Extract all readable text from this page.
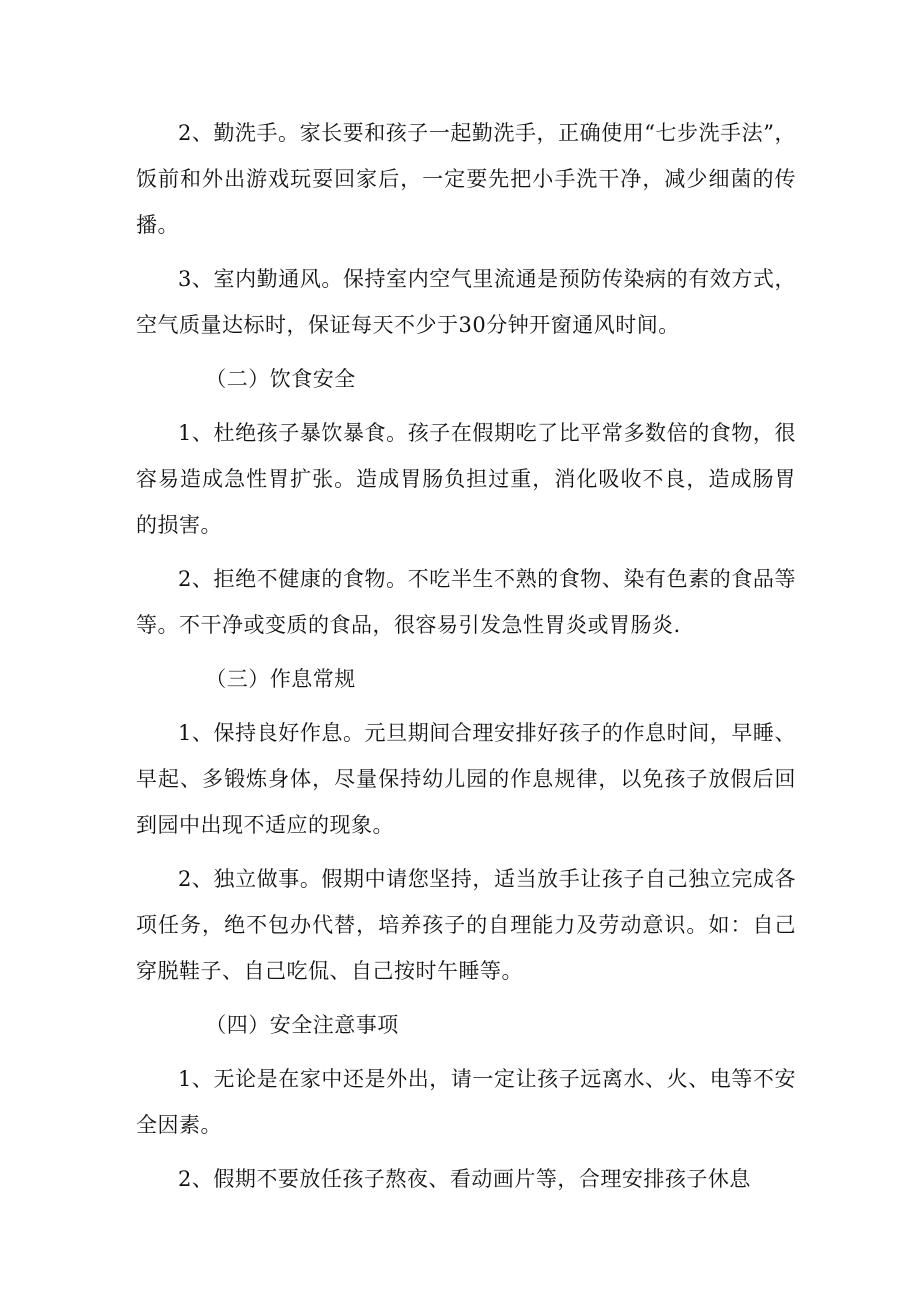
2、勤洗手。家长要和孩子一起勤洗手，正确使用“七步洗手法”，饭前和外出游戏玩耍回家后，一定要先把小手洗干净，减少细菌的传播。

3、室内勤通风。保持室内空气里流通是预防传染病的有效方式，空气质量达标时，保证每天不少于30分钟开窗通风时间。

（二）饮食安全

1、杜绝孩子暴饮暴食。孩子在假期吃了比平常多数倍的食物，很容易造成急性胃扩张。造成胃肠负担过重，消化吸收不良，造成肠胃的损害。

2、拒绝不健康的食物。不吃半生不熟的食物、染有色素的食品等等。不干净或变质的食品，很容易引发急性胃炎或胃肠炎.

（三）作息常规

1、保持良好作息。元旦期间合理安排好孩子的作息时间，早睡、早起、多锻炼身体，尽量保持幼儿园的作息规律，以免孩子放假后回到园中出现不适应的现象。

2、独立做事。假期中请您坚持，适当放手让孩子自己独立完成各项任务，绝不包办代替，培养孩子的自理能力及劳动意识。如：自己穿脱鞋子、自己吃侃、自己按时午睡等。

（四）安全注意事项

1、无论是在家中还是外出，请一定让孩子远离水、火、电等不安全因素。

2、假期不要放任孩子熬夜、看动画片等，合理安排孩子休息
